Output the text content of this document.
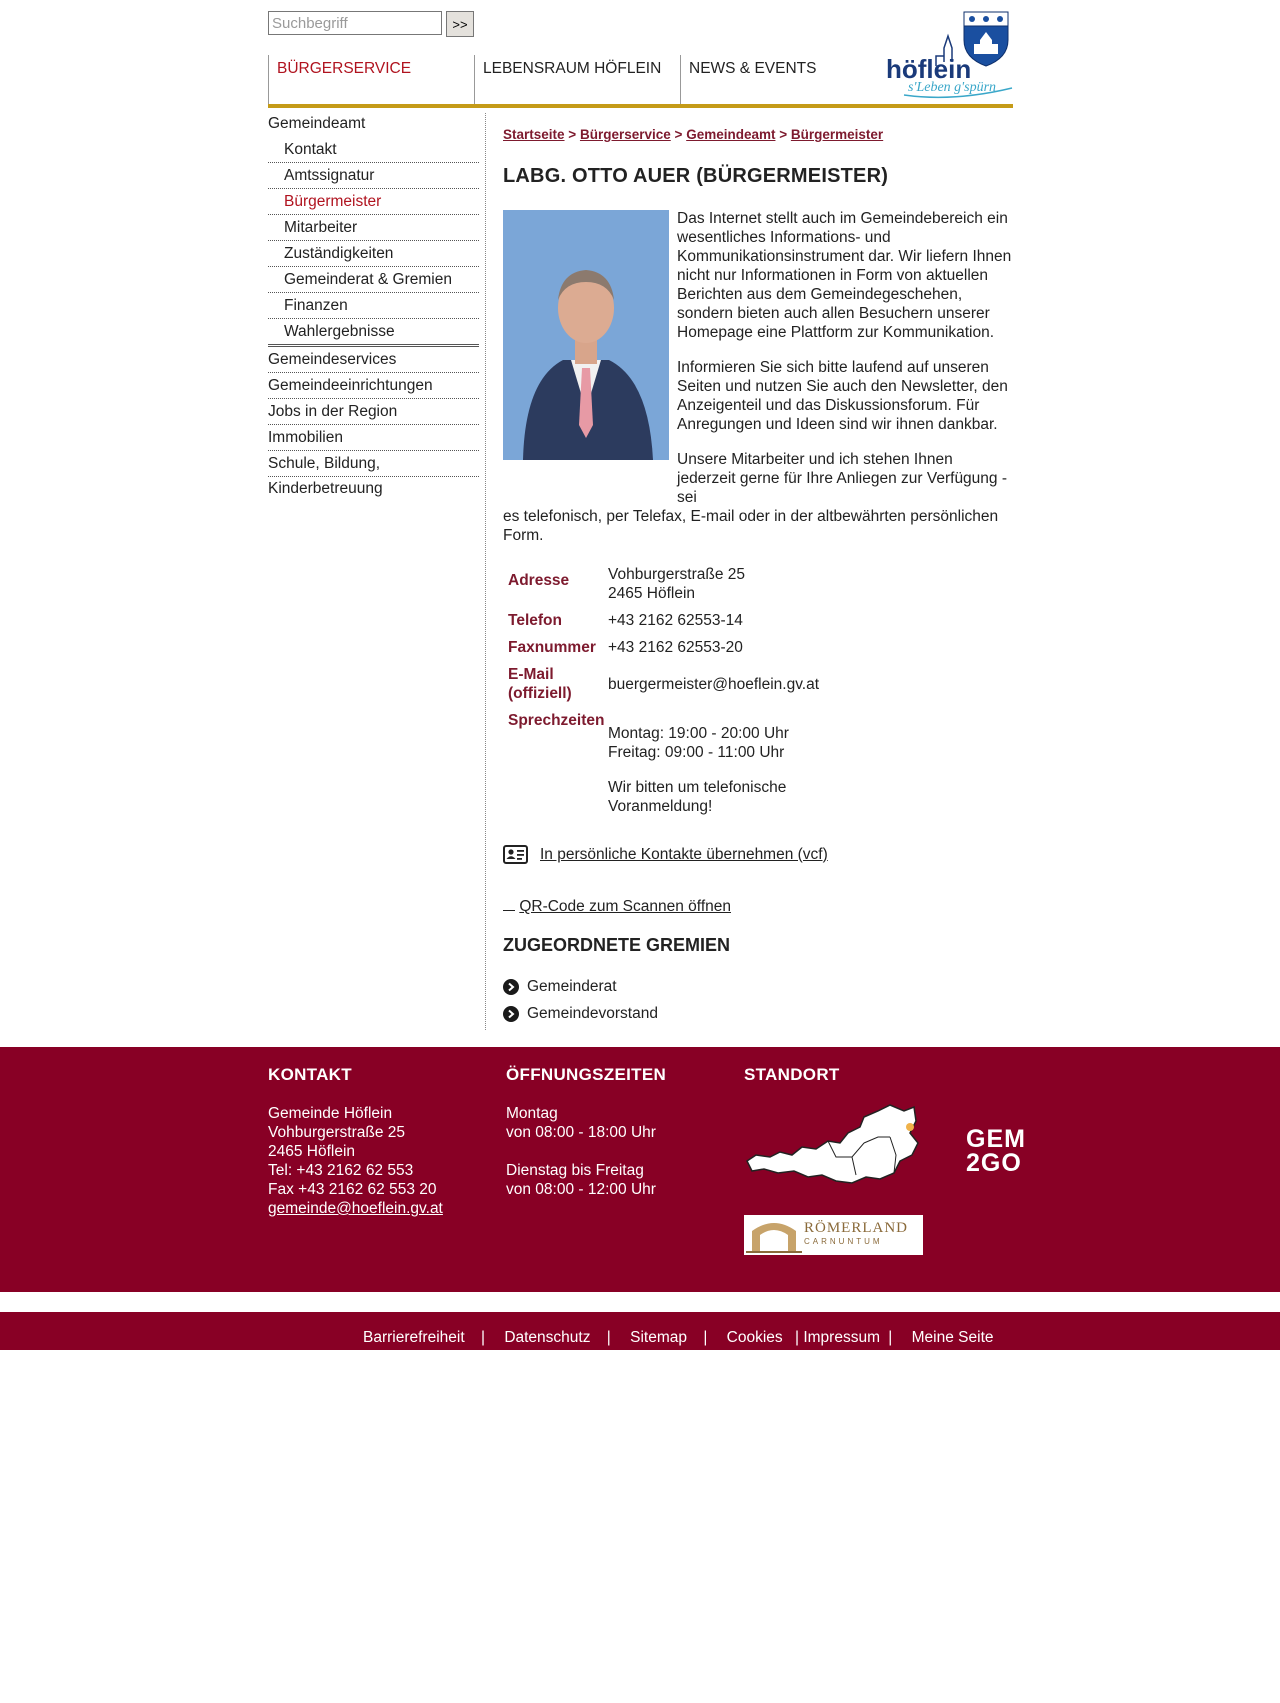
Suchbegriff
>>
BÜRGERSERVICE	LEBENSRAUM HÖFLEIN	NEWS & EVENTS	höflein
s'Leben g'spürn
Gemeindeamt
Kontakt
Amtssignatur
Bürgermeister
Mitarbeiter
Zuständigkeiten
Gemeinderat & Gremien
Finanzen
Wahlergebnisse
Gemeindeservices
Gemeindeeinrichtungen
Jobs in der Region
Immobilien
Schule, Bildung, Kinderbetreuung
Startseite > Bürgerservice > Gemeindeamt > Bürgermeister
LABG. OTTO AUER (BÜRGERMEISTER)

Das Internet stellt auch im Gemeindebereich ein wesentliches Informations- und Kommunikationsinstrument dar. Wir liefern Ihnen nicht nur Informationen in Form von aktuellen Berichten aus dem Gemeindegeschehen, sondern bieten auch allen Besuchern unserer Homepage eine Plattform zur Kommunikation.

Informieren Sie sich bitte laufend auf unseren Seiten und nutzen Sie auch den Newsletter, den Anzeigenteil und das Diskussionsforum. Für Anregungen und Ideen sind wir ihnen dankbar.

Unsere Mitarbeiter und ich stehen Ihnen jederzeit gerne für Ihre Anliegen zur Verfügung - sei
es telefonisch, per Telefax, E-mail oder in der altbewährten persönlichen Form.

Adresse	Vohburgerstraße 25
2465 Höflein

Telefon	+43 2162 62553-14
Faxnummer	+43 2162 62553-20

E-Mail
(offiziell)	buergermeister@hoeflein.gv.at
Sprechzeiten	Montag: 19:00 - 20:00 Uhr
Freitag: 09:00 - 11:00 Uhr
Wir bitten um telefonische
Voranmeldung!
In persönliche Kontakte übernehmen (vcf)
QR-Code zum Scannen öffnen
ZUGEORDNETE GREMIEN
Gemeinderat
Gemeindevorstand
KONTAKT
Gemeinde Höflein
Vohburgerstraße 25
2465 Höflein
Tel: +43 2162 62 553
Fax +43 2162 62 553 20
gemeinde@hoeflein.gv.at
ÖFFNUNGSZEITEN
Montag
von 08:00 - 18:00 Uhr
Dienstag bis Freitag
von 08:00 - 12:00 Uhr
STANDORT
GEM
2GO
RÖMERLAND
CARNUNTUM
Barrierefreiheit | Datenschutz | Sitemap | Cookies | Impressum | Meine Seite
